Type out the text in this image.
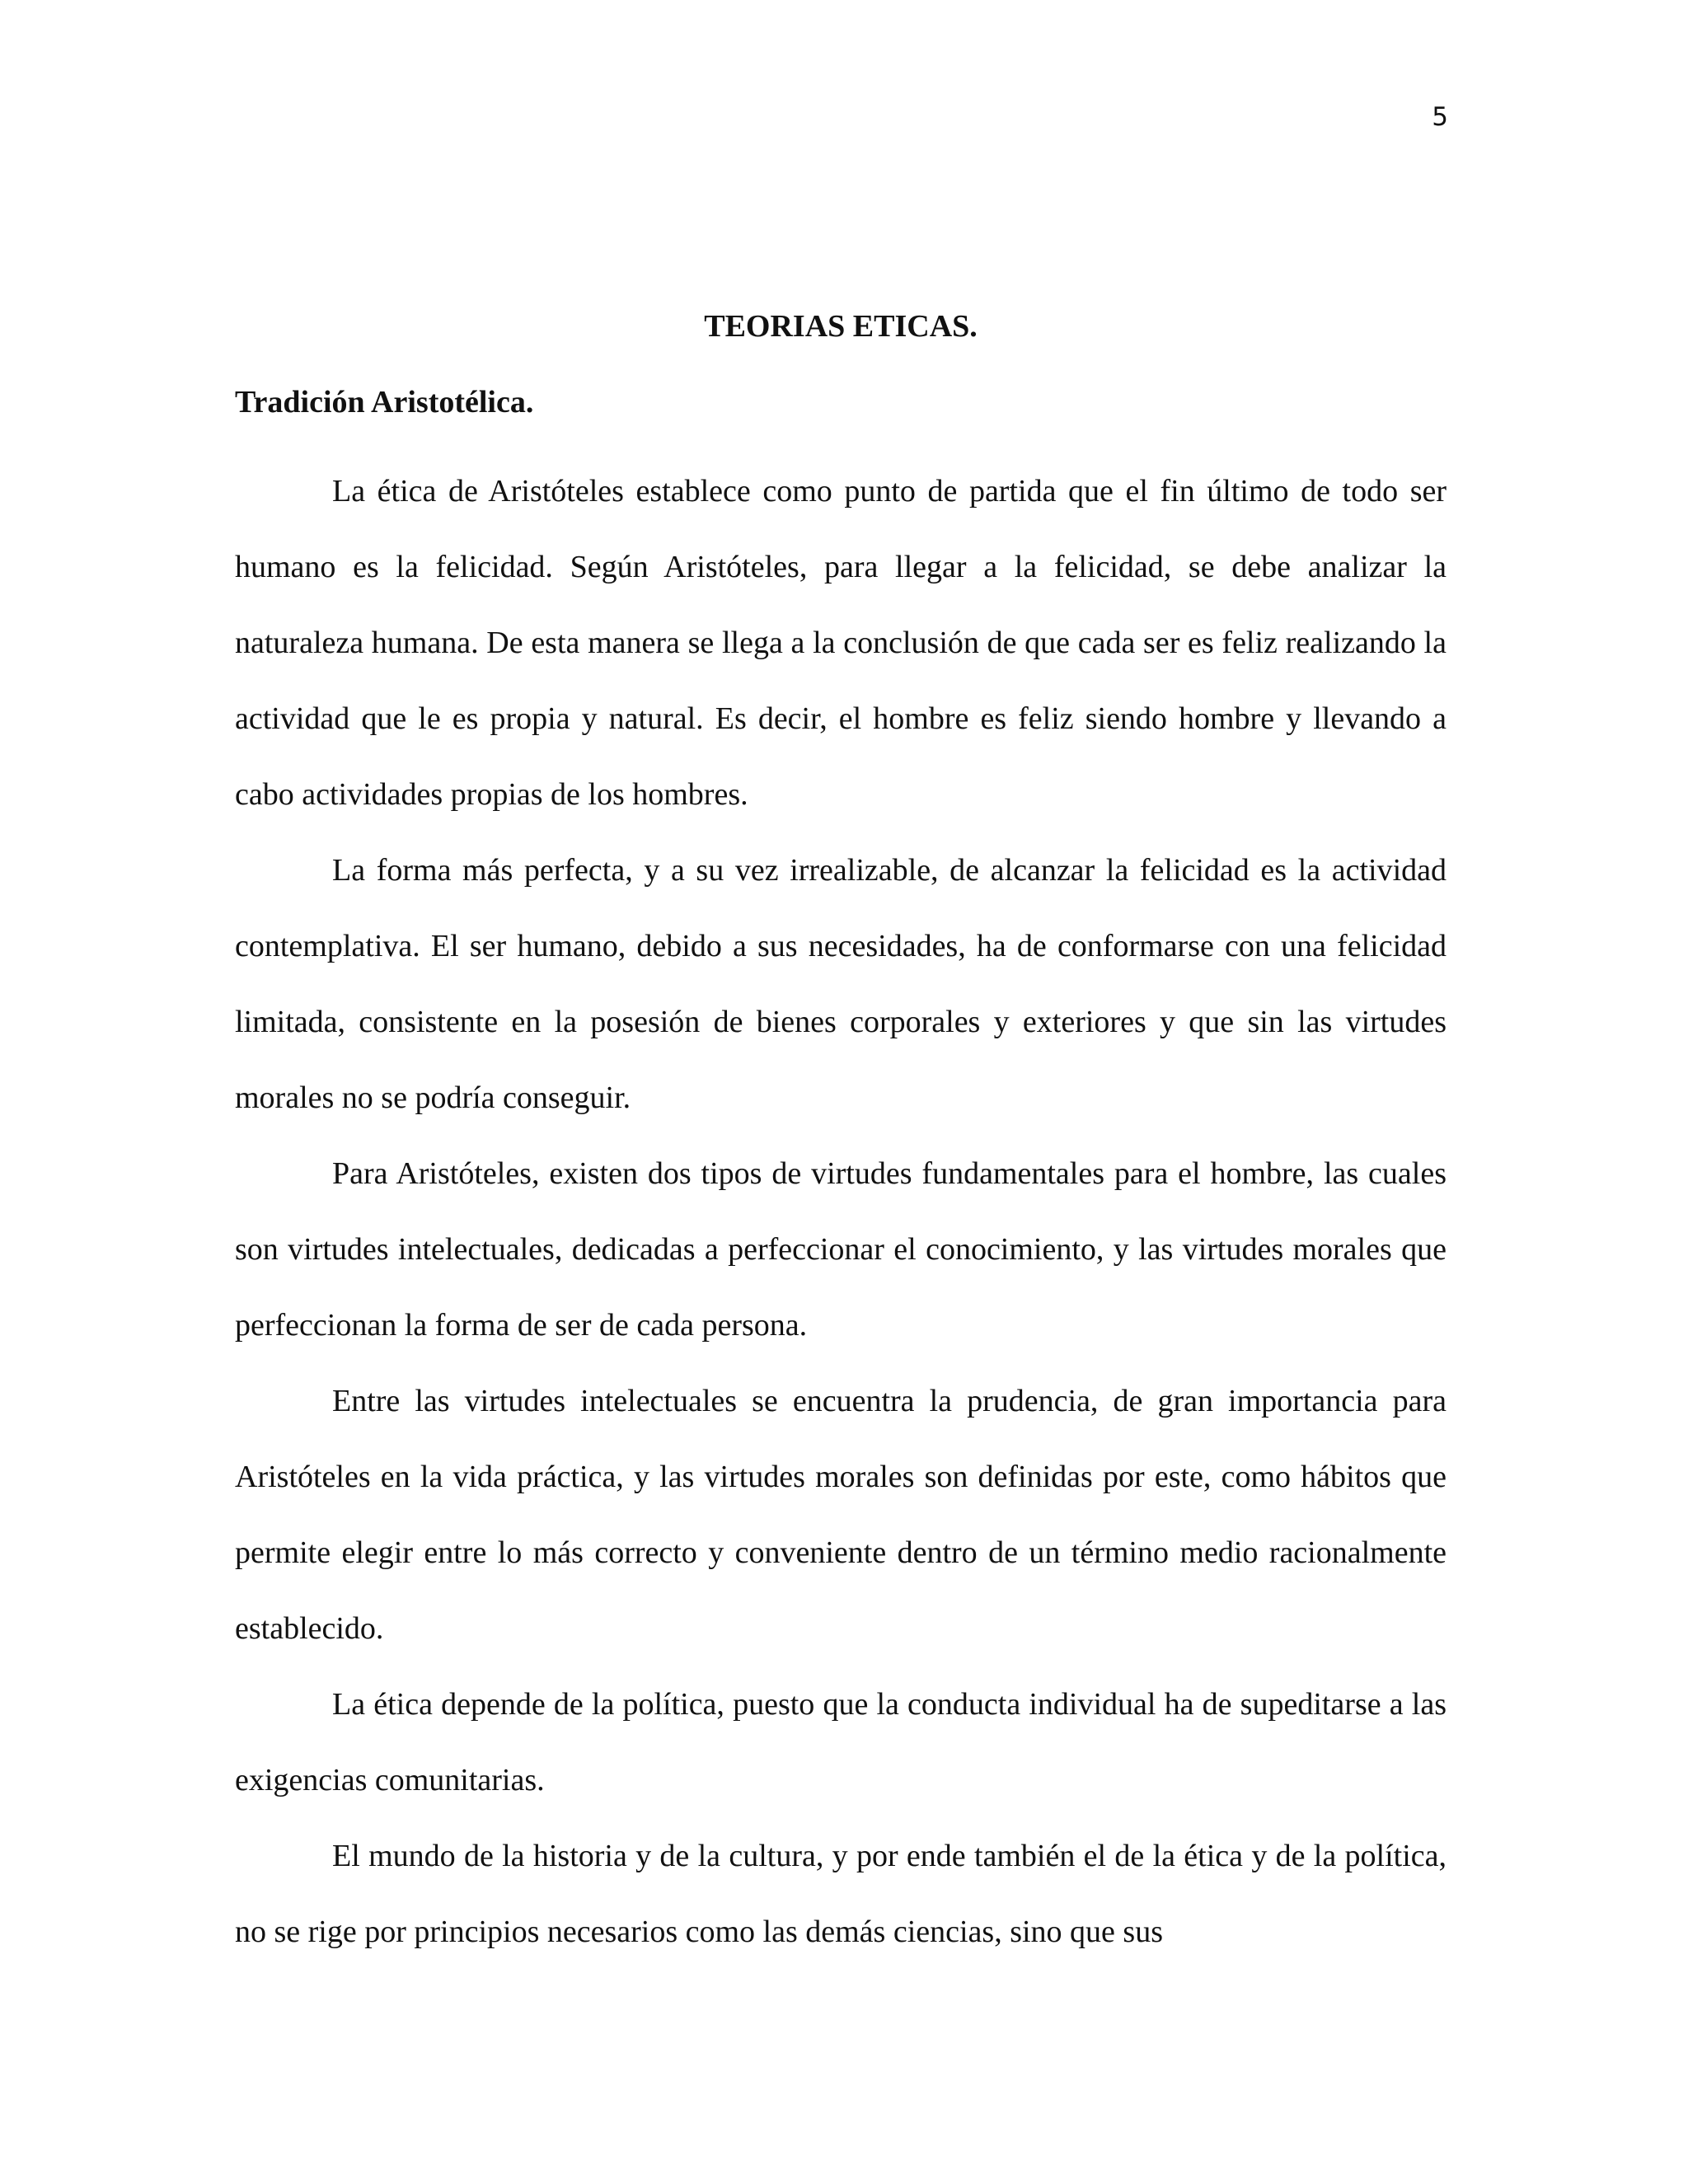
5
TEORIAS ETICAS.
Tradición Aristotélica.

La ética de Aristóteles establece como punto de partida que el fin último de todo ser humano es la felicidad. Según Aristóteles, para llegar a la felicidad, se debe analizar la naturaleza humana. De esta manera se llega a la conclusión de que cada ser es feliz realizando la actividad que le es propia y natural. Es decir, el hombre es feliz siendo hombre y llevando a cabo actividades propias de los hombres.

La forma más perfecta, y a su vez irrealizable, de alcanzar la felicidad es la actividad contemplativa. El ser humano, debido a sus necesidades, ha de conformarse con una felicidad limitada, consistente en la posesión de bienes corporales y exteriores y que sin las virtudes morales no se podría conseguir.

Para Aristóteles, existen dos tipos de virtudes fundamentales para el hombre, las cuales son virtudes intelectuales, dedicadas a perfeccionar el conocimiento, y las virtudes morales que perfeccionan la forma de ser de cada persona.

Entre las virtudes intelectuales se encuentra la prudencia, de gran importancia para Aristóteles en la vida práctica, y las virtudes morales son definidas por este, como hábitos que permite elegir entre lo más correcto y conveniente dentro de un término medio racionalmente establecido.

La ética depende de la política, puesto que la conducta individual ha de supeditarse a las exigencias comunitarias.

El mundo de la historia y de la cultura, y por ende también el de la ética y de la política, no se rige por principios necesarios como las demás ciencias, sino que sus
